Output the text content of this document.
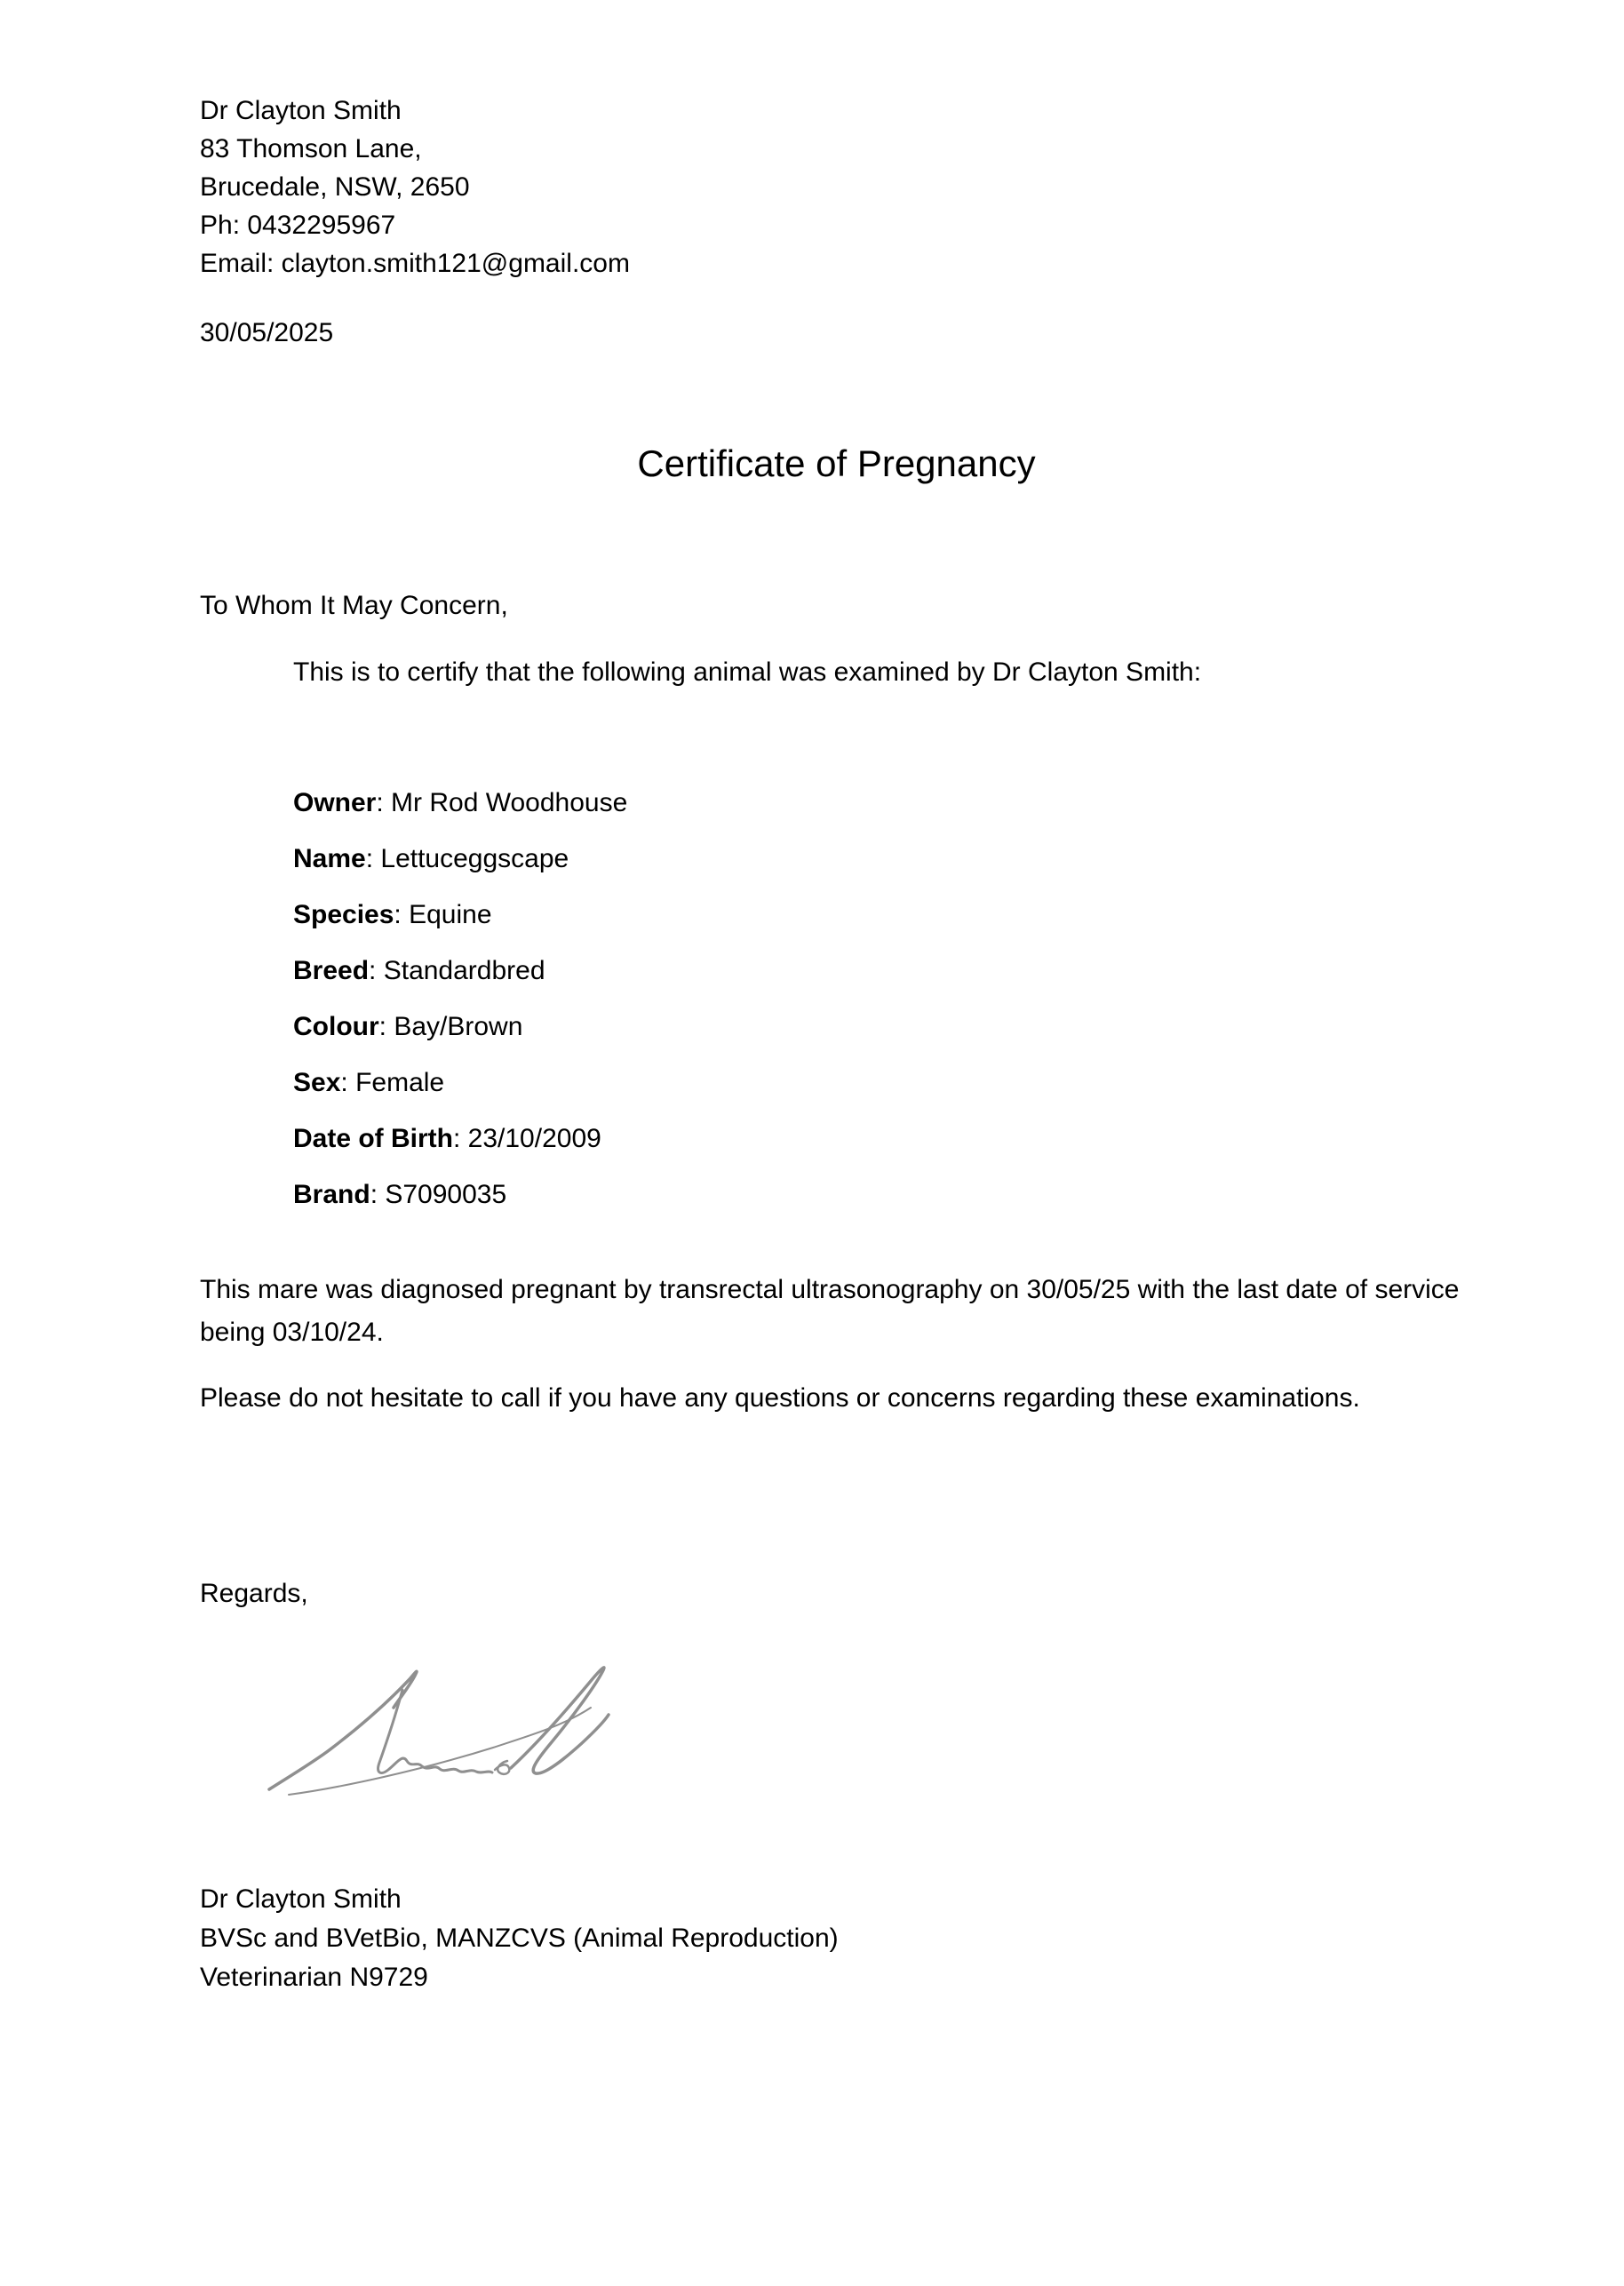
Dr Clayton Smith
83 Thomson Lane,
Brucedale, NSW, 2650
Ph: 0432295967
Email: clayton.smith121@gmail.com
30/05/2025
Certificate of Pregnancy
To Whom It May Concern,
This is to certify that the following animal was examined by Dr Clayton Smith:
Owner: Mr Rod Woodhouse
Name: Lettuceggscape
Species: Equine
Breed: Standardbred
Colour: Bay/Brown
Sex: Female
Date of Birth: 23/10/2009
Brand: S7090035
This mare was diagnosed pregnant by transrectal ultrasonography on 30/05/25 with the last date of service being 03/10/24.
Please do not hesitate to call if you have any questions or concerns regarding these examinations.
Regards,
Dr Clayton Smith
BVSc and BVetBio, MANZCVS (Animal Reproduction)
Veterinarian N9729
